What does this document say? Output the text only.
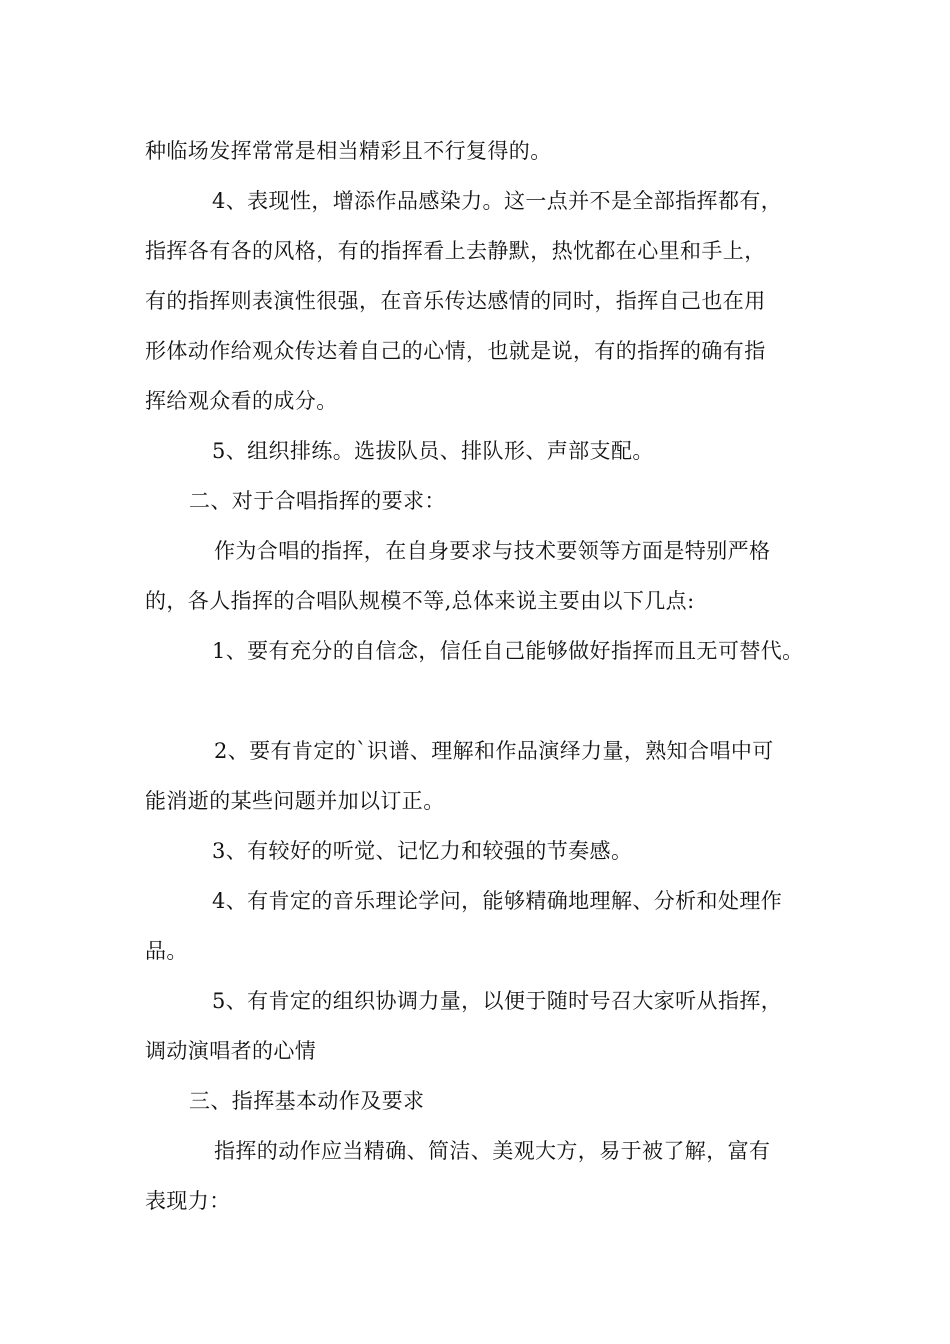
种临场发挥常常是相当精彩且不行复得的。
4、表现性，增添作品感染力。这一点并不是全部指挥都有，
指挥各有各的风格，有的指挥看上去静默，热忱都在心里和手上，
有的指挥则表演性很强，在音乐传达感情的同时，指挥自己也在用
形体动作给观众传达着自己的心情，也就是说，有的指挥的确有指
挥给观众看的成分。
5、组织排练。选拔队员、排队形、声部支配。
二、对于合唱指挥的要求：
作为合唱的指挥，在自身要求与技术要领等方面是特别严格
的，各人指挥的合唱队规模不等,总体来说主要由以下几点:
1、要有充分的自信念，信任自己能够做好指挥而且无可替代。
2、要有肯定的`识谱、理解和作品演绎力量，熟知合唱中可
能消逝的某些问题并加以订正。
3、有较好的听觉、记忆力和较强的节奏感。
4、有肯定的音乐理论学问，能够精确地理解、分析和处理作
品。
5、有肯定的组织协调力量，以便于随时号召大家听从指挥，
调动演唱者的心情
三、指挥基本动作及要求
指挥的动作应当精确、简洁、美观大方，易于被了解，富有
表现力：
